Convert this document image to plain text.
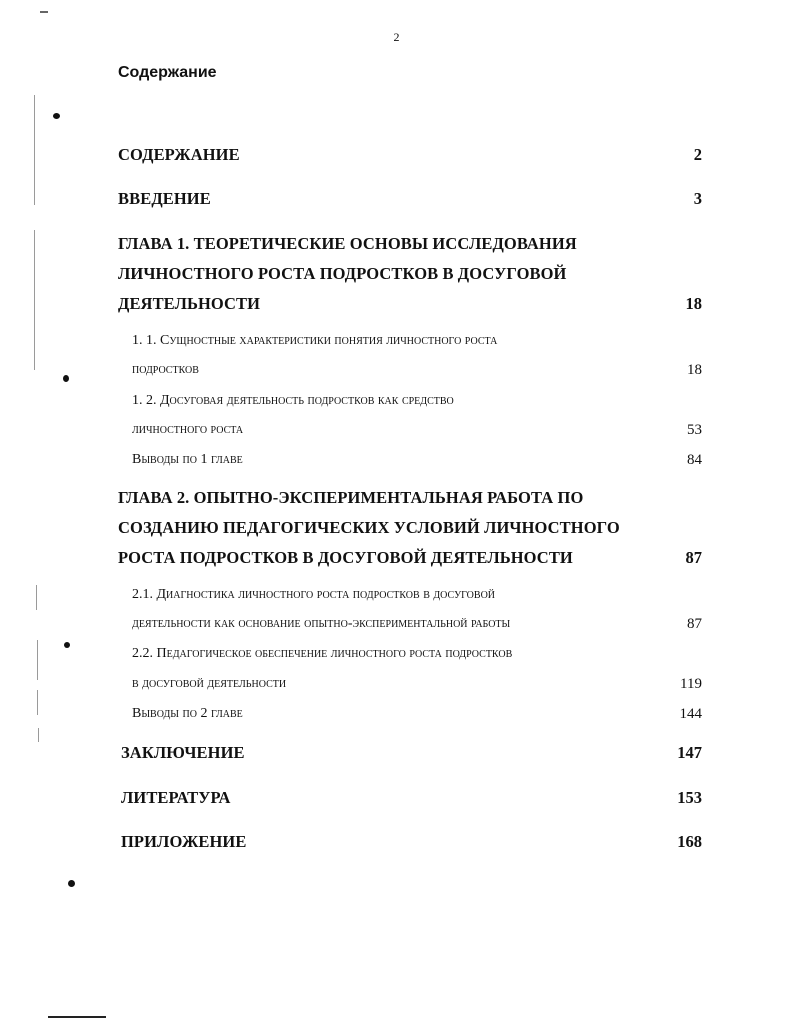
2
Содержание
СОДЕРЖАНИЕ	2
ВВЕДЕНИЕ	3
ГЛАВА 1. ТЕОРЕТИЧЕСКИЕ ОСНОВЫ ИССЛЕДОВАНИЯ
ЛИЧНОСТНОГО РОСТА ПОДРОСТКОВ В ДОСУГОВОЙ
ДЕЯТЕЛЬНОСТИ	18
1. 1. Сущностные характеристики понятия личностного роста
подростков	18
1. 2. Досуговая деятельность подростков как средство
личностного роста	53
Выводы по 1 главе	84
ГЛАВА 2. ОПЫТНО-ЭКСПЕРИМЕНТАЛЬНАЯ РАБОТА ПО
СОЗДАНИЮ ПЕДАГОГИЧЕСКИХ УСЛОВИЙ ЛИЧНОСТНОГО
РОСТА ПОДРОСТКОВ В ДОСУГОВОЙ ДЕЯТЕЛЬНОСТИ	87
2.1. Диагностика личностного роста подростков в досуговой
деятельности как основание опытно-экспериментальной работы	87
2.2. Педагогическое обеспечение личностного роста подростков
в досуговой деятельности	119
Выводы по 2 главе	144
ЗАКЛЮЧЕНИЕ	147
ЛИТЕРАТУРА	153
ПРИЛОЖЕНИЕ	168
